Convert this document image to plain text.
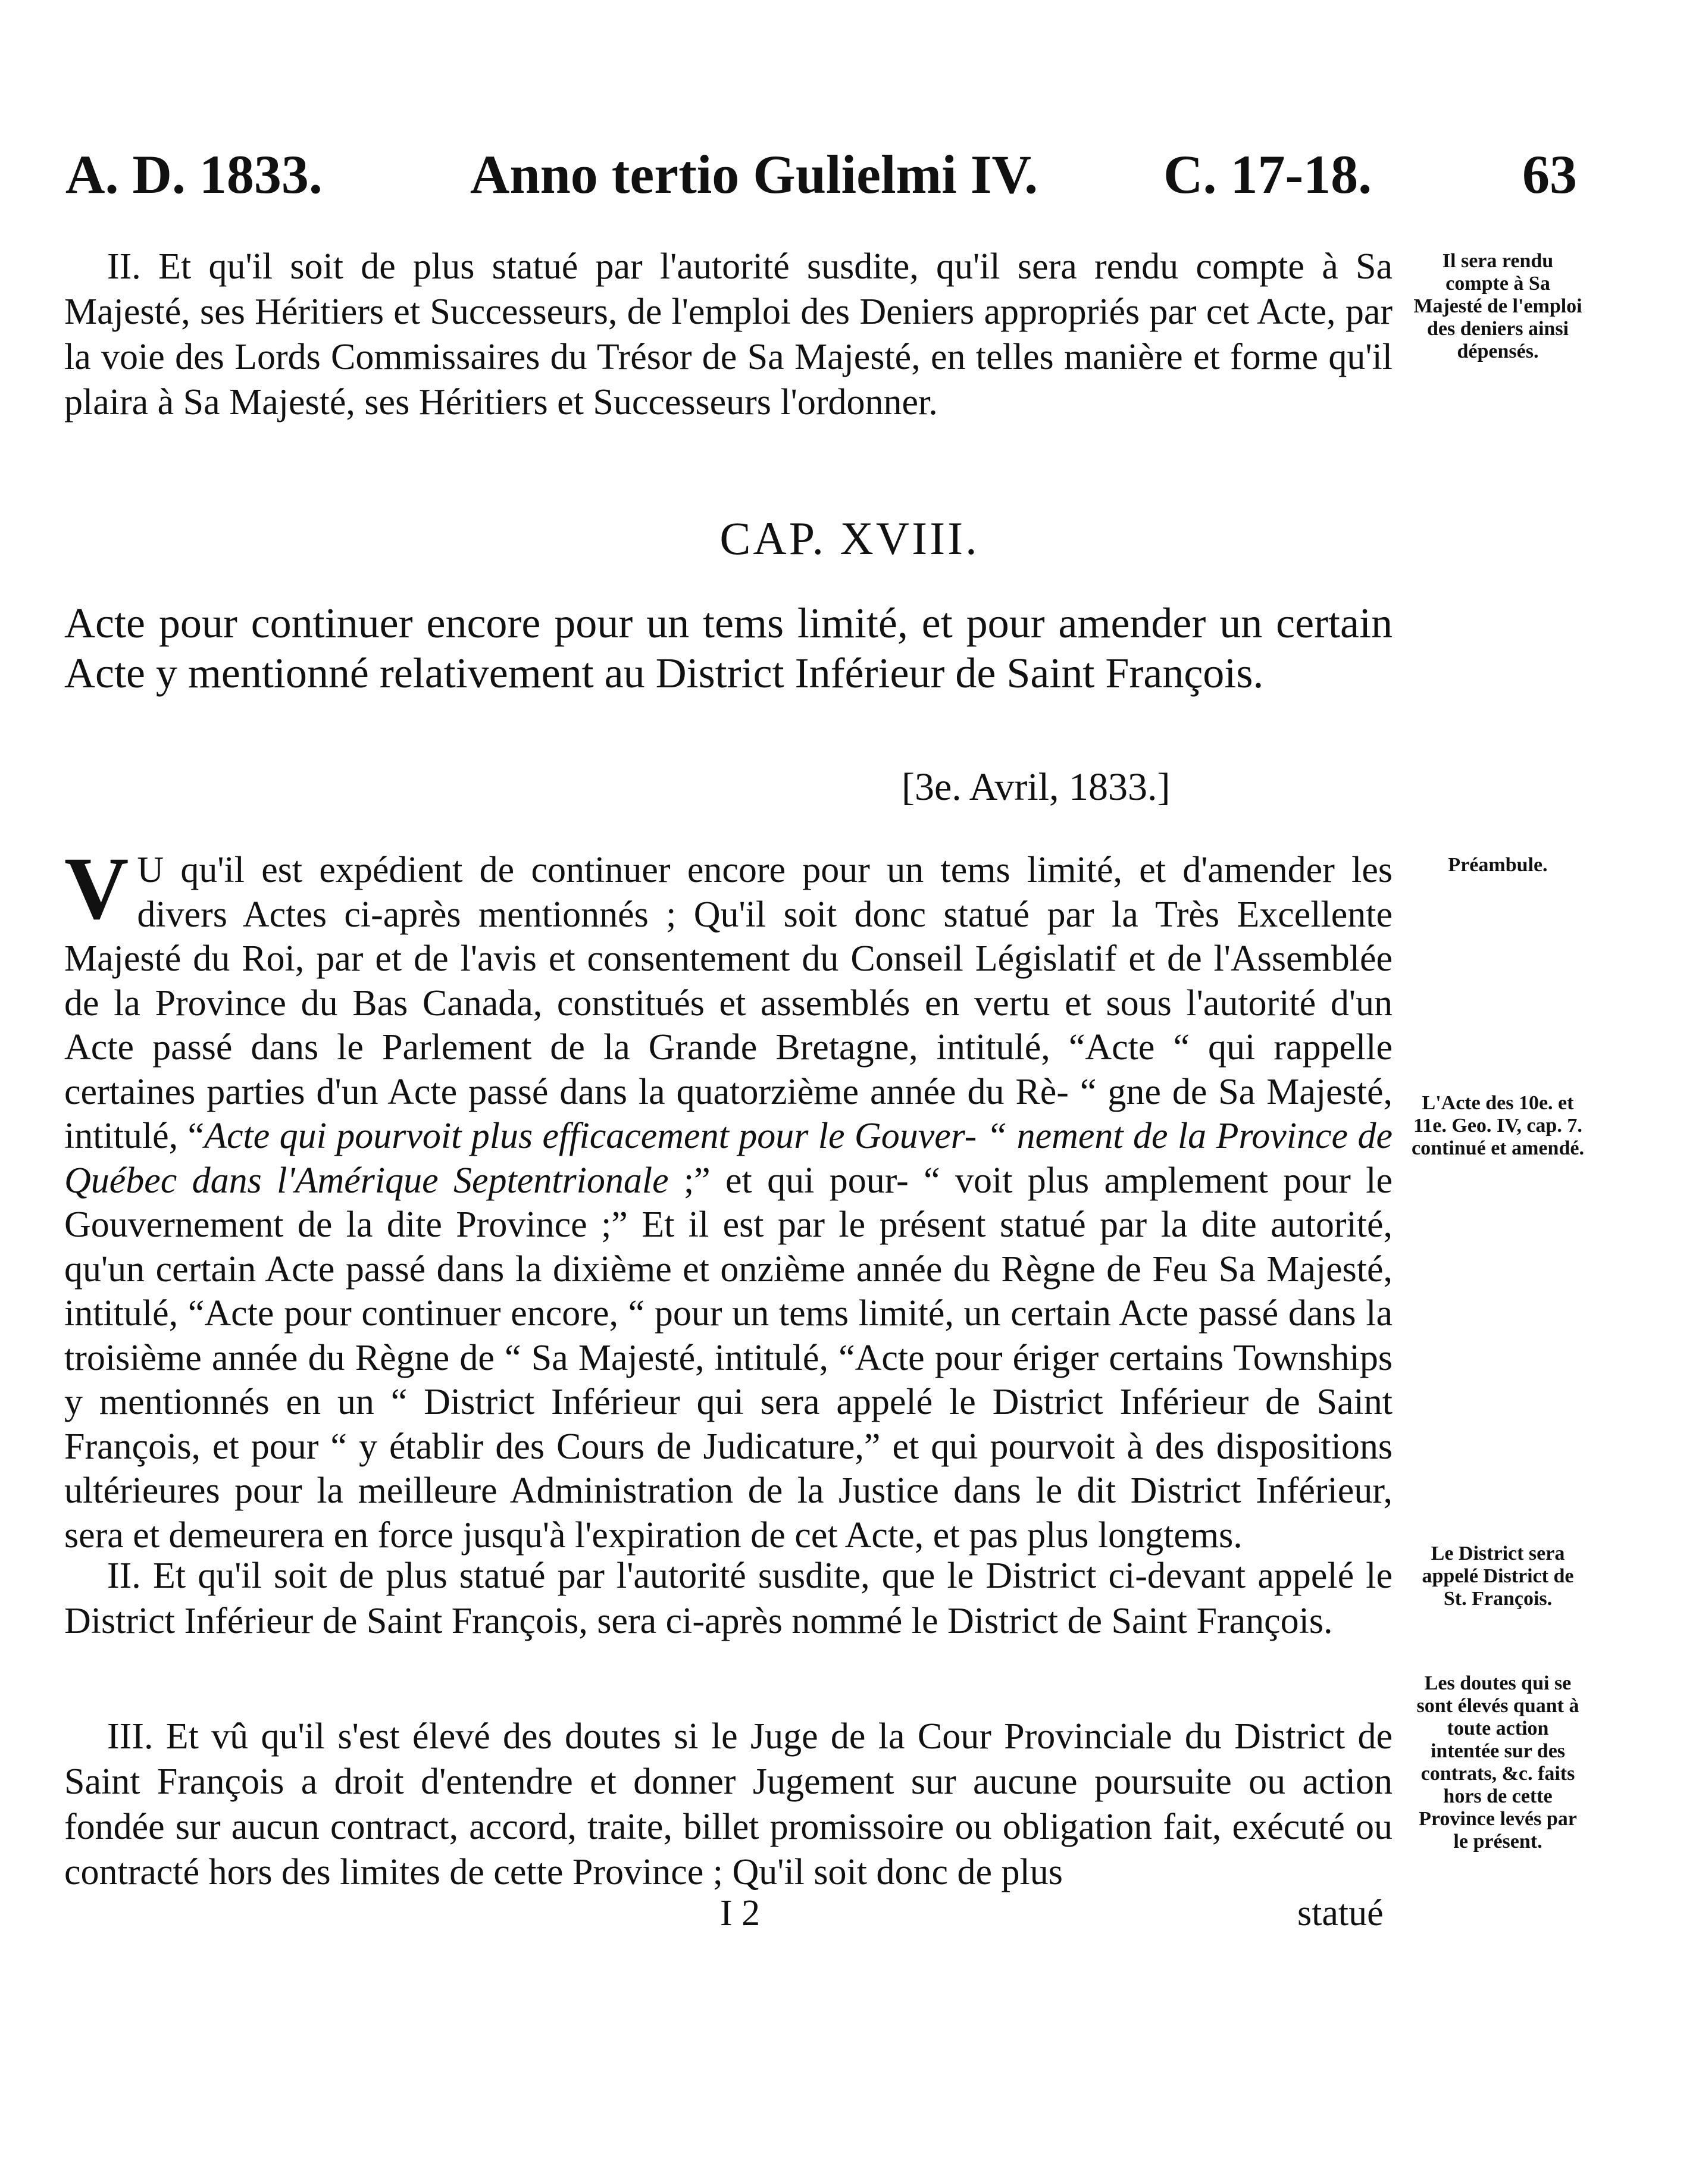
A. D. 1833.	Anno tertio Gulielmi IV. C. 17-18.	63

II. Et qu'il soit de plus statué par l'autorité susdite, qu'il sera rendu compte à Sa Majesté, ses Héritiers et Successeurs, de l'emploi des Deniers appropriés par cet Acte, par la voie des Lords Commissaires du Trésor de Sa Majesté, en telles manière et forme qu'il plaira à Sa Majesté, ses Héritiers et Successeurs l'ordonner.

Il sera rendu compte à Sa Majesté de l'emploi des deniers ainsi dépensés.
CAP. XVIII.
Acte pour continuer encore pour un tems limité, et pour amender un certain Acte y mentionné relativement au District Inférieur de Saint François.
[3e. Avril, 1833.]
V U qu'il est expédient de continuer encore pour un tems limité, et d'amender les divers Actes ci-après mentionnés ; Qu'il soit donc statué par la Très Excellente Majesté du Roi, par et de l'avis et consentement du Conseil Législatif et de l'Assemblée de la Province du Bas Canada, constitués et assemblés en vertu et sous l'autorité d'un Acte passé dans le Parlement de la Grande Bretagne, intitulé, “Acte “ qui rappelle certaines parties d'un Acte passé dans la quatorzième année du Rè- “ gne de Sa Majesté, intitulé, “Acte qui pourvoit plus efficacement pour le Gouver- “ nement de la Province de Québec dans l'Amérique Septentrionale ;” et qui pour- “ voit plus amplement pour le Gouvernement de la dite Province ;” Et il est par le présent statué par la dite autorité, qu'un certain Acte passé dans la dixième et onzième année du Règne de Feu Sa Majesté, intitulé, “Acte pour continuer encore, “ pour un tems limité, un certain Acte passé dans la troisième année du Règne de “ Sa Majesté, intitulé, “Acte pour ériger certains Townships y mentionnés en un “ District Inférieur qui sera appelé le District Inférieur de Saint François, et pour “ y établir des Cours de Judicature,” et qui pourvoit à des dispositions ultérieures pour la meilleure Administration de la Justice dans le dit District Inférieur, sera et demeurera en force jusqu'à l'expiration de cet Acte, et pas plus longtems.
Préambule.
L'Acte des 10e. et 11e. Geo. IV, cap. 7. continué et amendé.

II. Et qu'il soit de plus statué par l'autorité susdite, que le District ci-devant appelé le District Inférieur de Saint François, sera ci-après nommé le District de Saint François.

Le District sera appelé District de St. François.

III. Et vû qu'il s'est élevé des doutes si le Juge de la Cour Provinciale du District de Saint François a droit d'entendre et donner Jugement sur aucune poursuite ou action fondée sur aucun contract, accord, traite, billet promissoire ou obligation fait, exécuté ou contracté hors des limites de cette Province ; Qu'il soit donc de plus

Les doutes qui se sont élevés quant à toute action intentée sur des contrats, &c. faits hors de cette Province levés par le présent.
I 2	statué
